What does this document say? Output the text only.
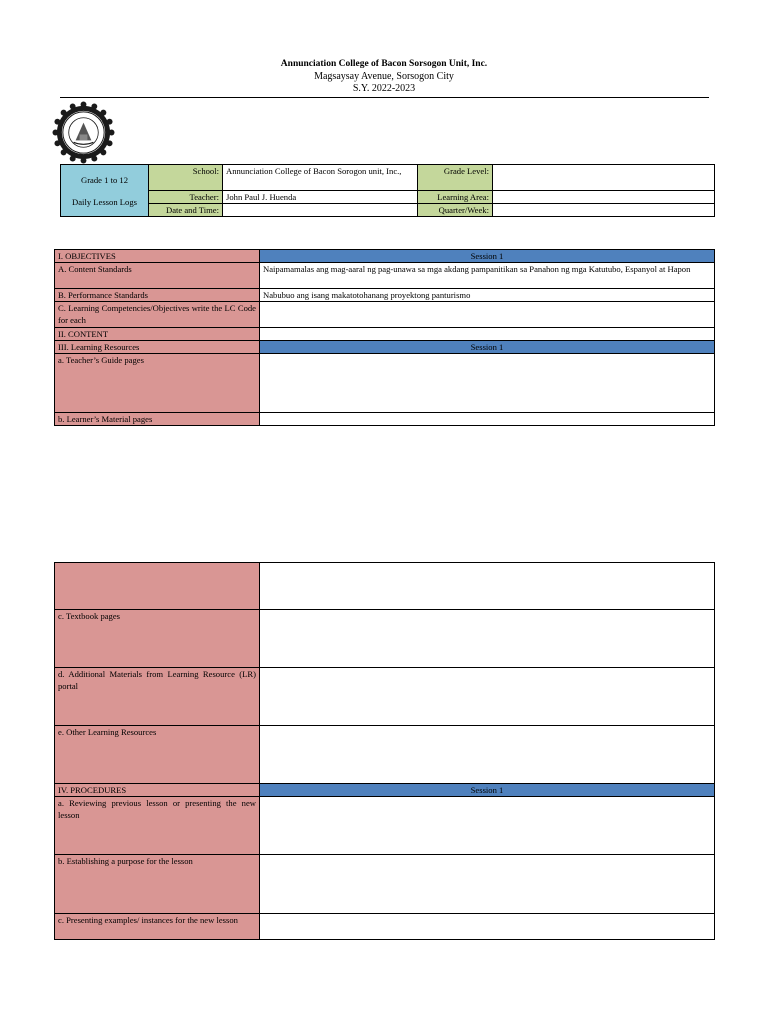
Annunciation College of Bacon Sorsogon Unit, Inc.
Magsaysay Avenue, Sorsogon City
S.Y. 2022-2023
Grade 1 to 12
Daily Lesson Logs	School:	Annunciation College of Bacon Sorogon unit, Inc.,	Grade Level:	
	Teacher:	John Paul J. Huenda	Learning Area:	
	Date and Time:		Quarter/Week:	
I. OBJECTIVES	Session 1
A. Content Standards	Naipamamalas ang mag-aaral ng pag-unawa sa mga akdang pampanitikan sa Panahon ng mga Katutubo, Espanyol at Hapon
B. Performance Standards	Nabubuo ang isang makatotohanang proyektong panturismo
C. Learning Competencies/Objectives write the LC Code for each	
II. CONTENT	
III. Learning Resources	Session 1
a. Teacher’s Guide pages	
b. Learner’s Material pages	

c. Textbook pages	
d. Additional Materials from Learning Resource (LR) portal	
e. Other Learning Resources	
IV. PROCEDURES	Session 1
a. Reviewing previous lesson or presenting the new lesson	
b. Establishing a purpose for the lesson	
c. Presenting examples/ instances for the new lesson	
